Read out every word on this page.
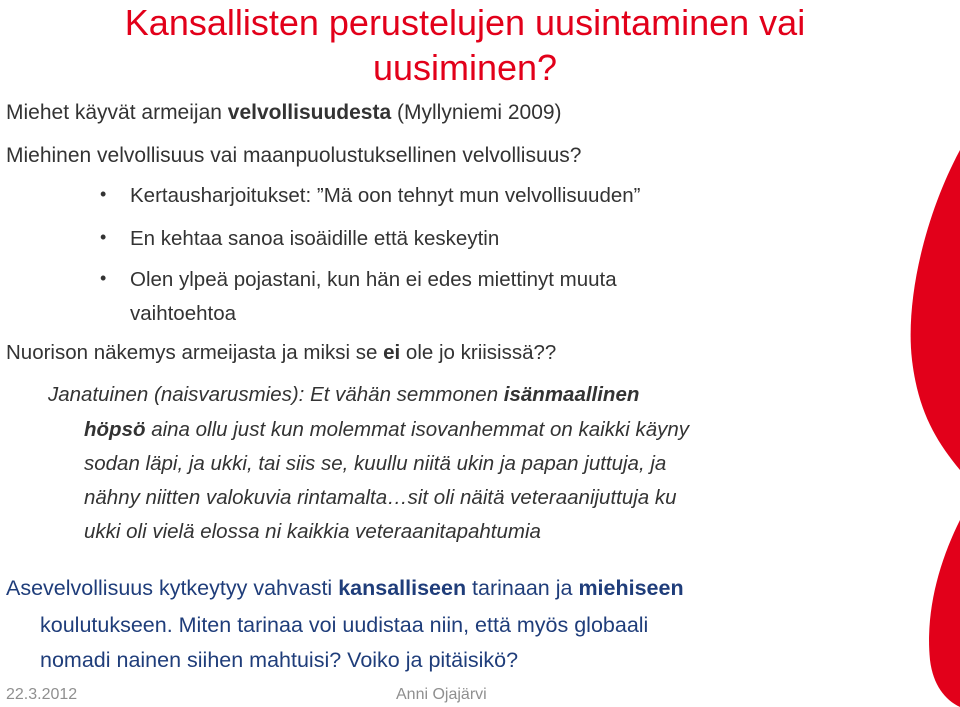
Kansallisten perustelujen uusintaminen vai
uusiminen?
Miehet käyvät armeijan velvollisuudesta (Myllyniemi 2009)
Miehinen velvollisuus vai maanpuolustuksellinen velvollisuus?
• Kertausharjoitukset: ”Mä oon tehnyt mun velvollisuuden”
• En kehtaa sanoa isoäidille että keskeytin
• Olen ylpeä pojastani, kun hän ei edes miettinyt muuta
vaihtoehtoa
Nuorison näkemys armeijasta ja miksi se ei ole jo kriisissä??
Janatuinen (naisvarusmies): Et vähän semmonen isänmaallinen
höpsö aina ollu just kun molemmat isovanhemmat on kaikki käyny
sodan läpi, ja ukki, tai siis se, kuullu niitä ukin ja papan juttuja, ja
nähny niitten valokuvia rintamalta…sit oli näitä veteraanijuttuja ku
ukki oli vielä elossa ni kaikkia veteraanitapahtumia
Asevelvollisuus kytkeytyy vahvasti kansalliseen tarinaan ja miehiseen
koulutukseen. Miten tarinaa voi uudistaa niin, että myös globaali
nomadi nainen siihen mahtuisi? Voiko ja pitäisikö?
22.3.2012	Anni Ojajärvi
